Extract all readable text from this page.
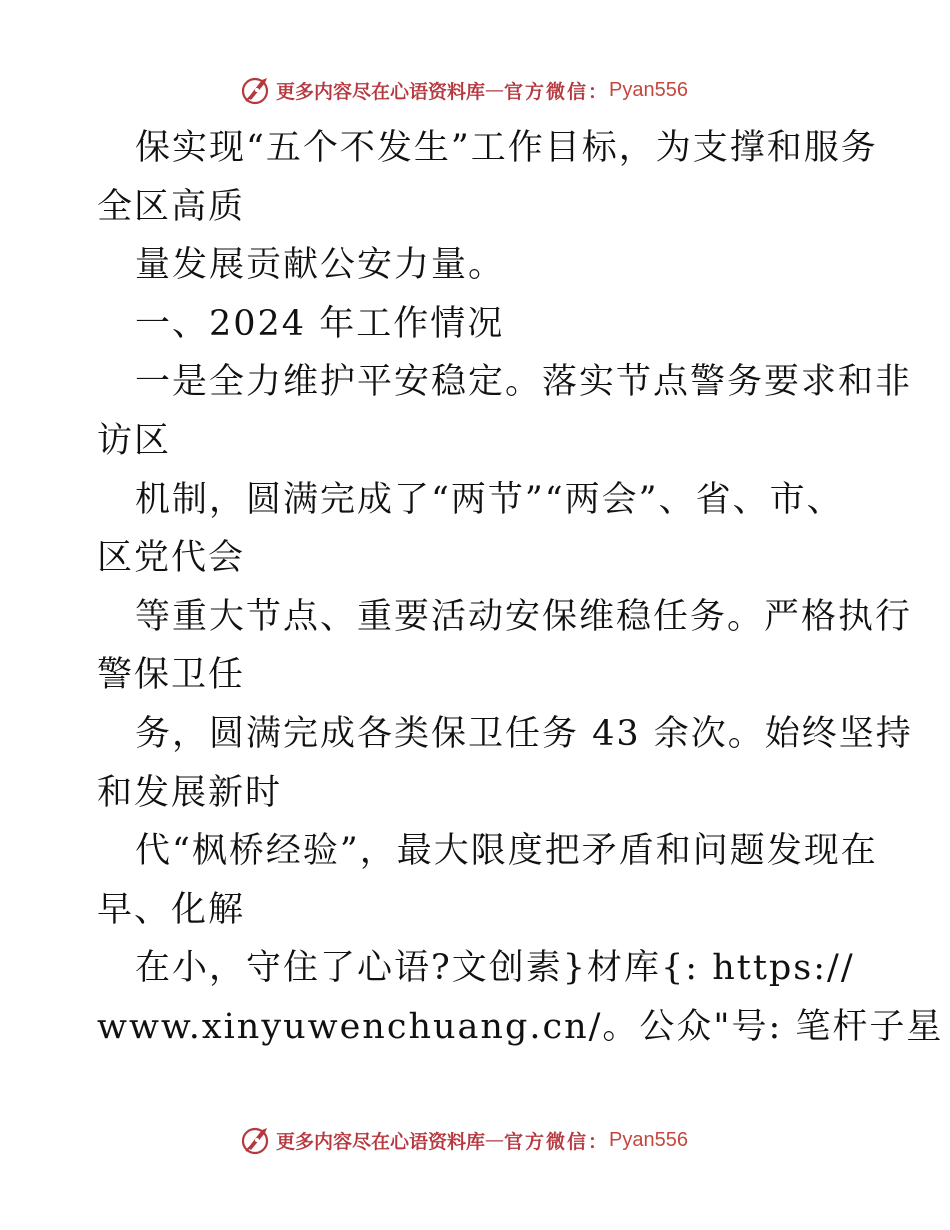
更多内容尽在心语资料库 — 官方微信： Pyan556
保实现“五个不发生”工作目标，为支撑和服务
全区高质
量发展贡献公安力量。
一、2024 年工作情况
一是全力维护平安稳定。落实节点警务要求和非
访区
机制，圆满完成了“两节”“两会”、省、市、
区党代会
等重大节点、重要活动安保维稳任务。严格执行
警保卫任
务，圆满完成各类保卫任务 43 余次。始终坚持
和发展新时
代“枫桥经验”，最大限度把矛盾和问题发现在
早、化解
在小，守住了心语?文创素}材库{: https://
www.xinyuwenchuang.cn/。公众"号: 笔杆子星
更多内容尽在心语资料库 — 官方微信： Pyan556
